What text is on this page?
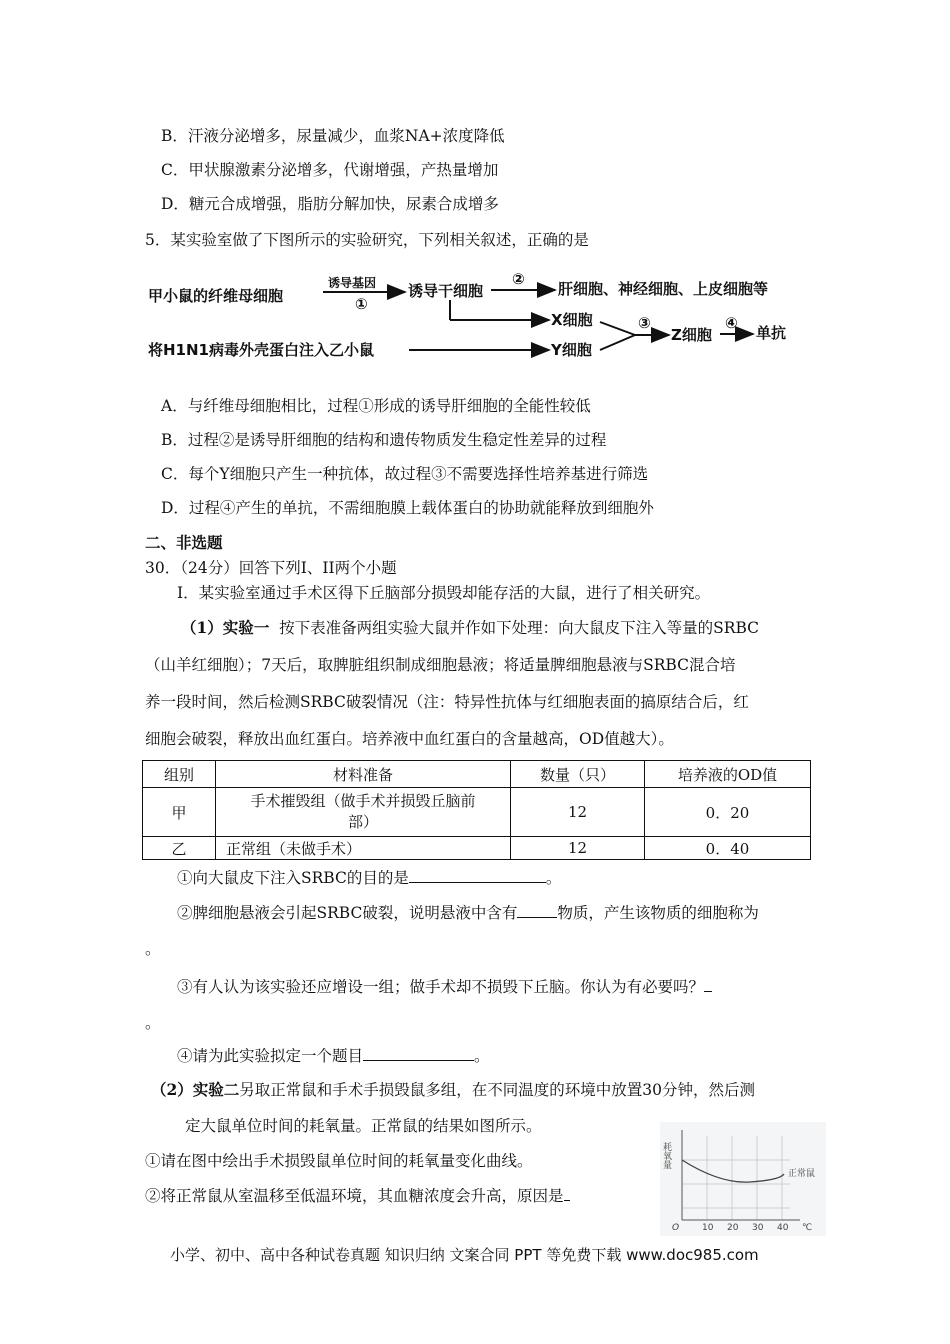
B．汗液分泌增多，尿量减少，血浆NA+浓度降低
C．甲状腺激素分泌增多，代谢增强，产热量增加
D．糖元合成增强，脂肪分解加快，尿素合成增多
5．某实验室做了下图所示的实验研究，下列相关叙述，正确的是
甲小鼠的纤维母细胞
诱导基因
①
诱导干细胞
②
肝细胞、神经细胞、上皮细胞等
X细胞
将H1N1病毒外壳蛋白注入乙小鼠	Y细胞
③
Z细胞
④
单抗
A．与纤维母细胞相比，过程①形成的诱导肝细胞的全能性较低
B．过程②是诱导肝细胞的结构和遗传物质发生稳定性差异的过程
C．每个Y细胞只产生一种抗体，故过程③不需要选择性培养基进行筛选
D．过程④产生的单抗，不需细胞膜上载体蛋白的协助就能释放到细胞外
二、非选题
30．（24分）回答下列I、II两个小题
I．某实验室通过手术区得下丘脑部分损毁却能存活的大鼠，进行了相关研究。
（1）实验一 按下表准备两组实验大鼠并作如下处理：向大鼠皮下注入等量的SRBC
（山羊红细胞）；7天后，取脾脏组织制成细胞悬液；将适量脾细胞悬液与SRBC混合培
养一段时间，然后检测SRBC破裂情况（注：特异性抗体与红细胞表面的搞原结合后，红
细胞会破裂，释放出血红蛋白。培养液中血红蛋白的含量越高，OD值越大）。
组别	材料准备	数量（只）	培养液的OD值
甲	手术摧毁组（做手术并损毁丘脑前
部）	12	0．20
乙	正常组（未做手术）	12	0．40
①向大鼠皮下注入SRBC的目的是	。
②脾细胞悬液会引起SRBC破裂，说明悬液中含有	物质，产生该物质的细胞称为
。
③有人认为该实验还应增设一组；做手术却不损毁下丘脑。你认为有必要吗？
。
④请为此实验拟定一个题目	。
（2）实验二另取正常鼠和手术手损毁鼠多组，在不同温度的环境中放置30分钟，然后测
定大鼠单位时间的耗氧量。正常鼠的结果如图所示。
①请在图中绘出手术损毁鼠单位时间的耗氧量变化曲线。
②将正常鼠从室温移至低温环境，其血糖浓度会升高，原因是
耗氧量
正常鼠
O	10 20 30 40 ℃
小学、初中、高中各种试卷真题 知识归纳 文案合同 PPT 等免费下载 www.doc985.com
